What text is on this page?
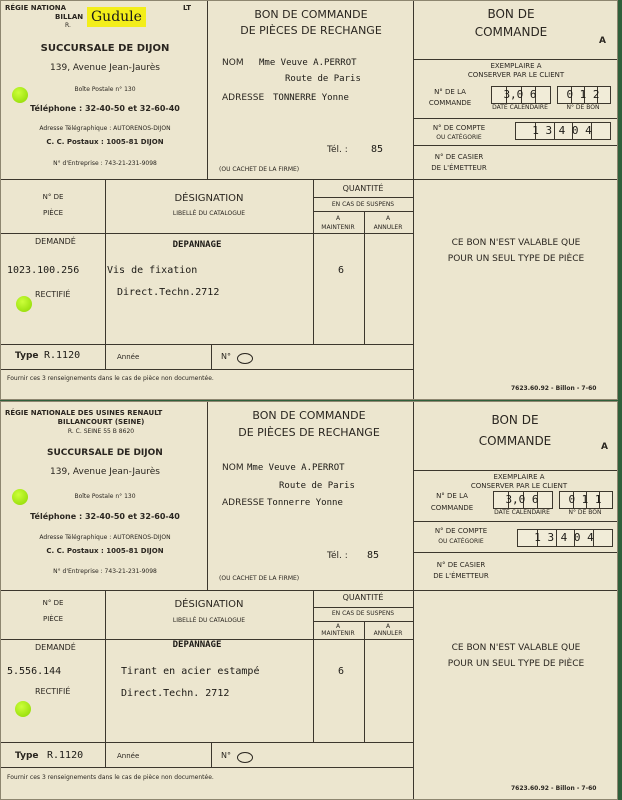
RÉGIE NATIONA	LT
BILLAN
R.
SUCCURSALE DE DIJON
139, Avenue Jean-Jaurès
Boîte Postale n° 130
Téléphone : 32-40-50 et 32-60-40
Adresse Télégraphique : AUTORENOS-DIJON
C. C. Postaux : 1005-81 DIJON
N° d'Entreprise : 743-21-231-9098
BON DE COMMANDE
DE PIÈCES DE RECHANGE
NOM Mme Veuve A.PERROT
Route de Paris
ADRESSE TONNERRE Yonne
Tél. : 85
(OU CACHET DE LA FIRME)
BON DE
COMMANDE
A
EXEMPLAIRE A
CONSERVER PAR LE CLIENT
N° DE LA
COMMANDE
3,0 6
DATE CALENDAIRE
0 1 2
N° DE BON
N° DE COMPTE
OU CATÉGORIE
1 3 4 0 4
N° DE CASIER
DE L'ÉMETTEUR
N° DE
PIÈCE
DÉSIGNATION
LIBELLÉ DU CATALOGUE
QUANTITÉ
EN CAS DE SUSPENS
A
MAINTENIR
A
ANNULER
DEMANDÉ
RECTIFIÉ
DEPANNAGE
1023.100.256	Vis de fixation	6
Direct.Techn.2712
CE BON N'EST VALABLE QUE
POUR UN SEUL TYPE DE PIÈCE
Type R.1120	Année	N°
Fournir ces 3 renseignements dans le cas de pièce non documentée.
7623.60.92 - Billon - 7-60
Gudule
RÉGIE NATIONALE DES USINES RENAULT
BILLANCOURT (SEINE)
R. C. SEINE 55 B 8620
SUCCURSALE DE DIJON
139, Avenue Jean-Jaurès
Boîte Postale n° 130
Téléphone : 32-40-50 et 32-60-40
Adresse Télégraphique : AUTORENOS-DIJON
C. C. Postaux : 1005-81 DIJON
N° d'Entreprise : 743-21-231-9098
BON DE COMMANDE
DE PIÈCES DE RECHANGE
NOM Mme Veuve A.PERROT
Route de Paris
ADRESSE Tonnerre Yonne
Tél. : 85
(OU CACHET DE LA FIRME)
BON DE
COMMANDE	A
EXEMPLAIRE A
CONSERVER PAR LE CLIENT
N° DE LA
COMMANDE
3,0 6
DATE CALENDAIRE
0 1 1
N° DE BON
N° DE COMPTE
OU CATÉGORIE	1 3 4 0 4
N° DE CASIER
DE L'ÉMETTEUR
N° DE
PIÈCE
DÉSIGNATION
LIBELLÉ DU CATALOGUE
QUANTITÉ
EN CAS DE SUSPENS
A
MAINTENIR
A
ANNULER
DEMANDÉ
RECTIFIÉ
DEPANNAGE
5.556.144	Tirant en acier estampé	6
Direct.Techn. 2712
CE BON N'EST VALABLE QUE
POUR UN SEUL TYPE DE PIÈCE
Type R.1120	Année	N°
Fournir ces 3 renseignements dans le cas de pièce non documentée.
7623.60.92 - Billon - 7-60
